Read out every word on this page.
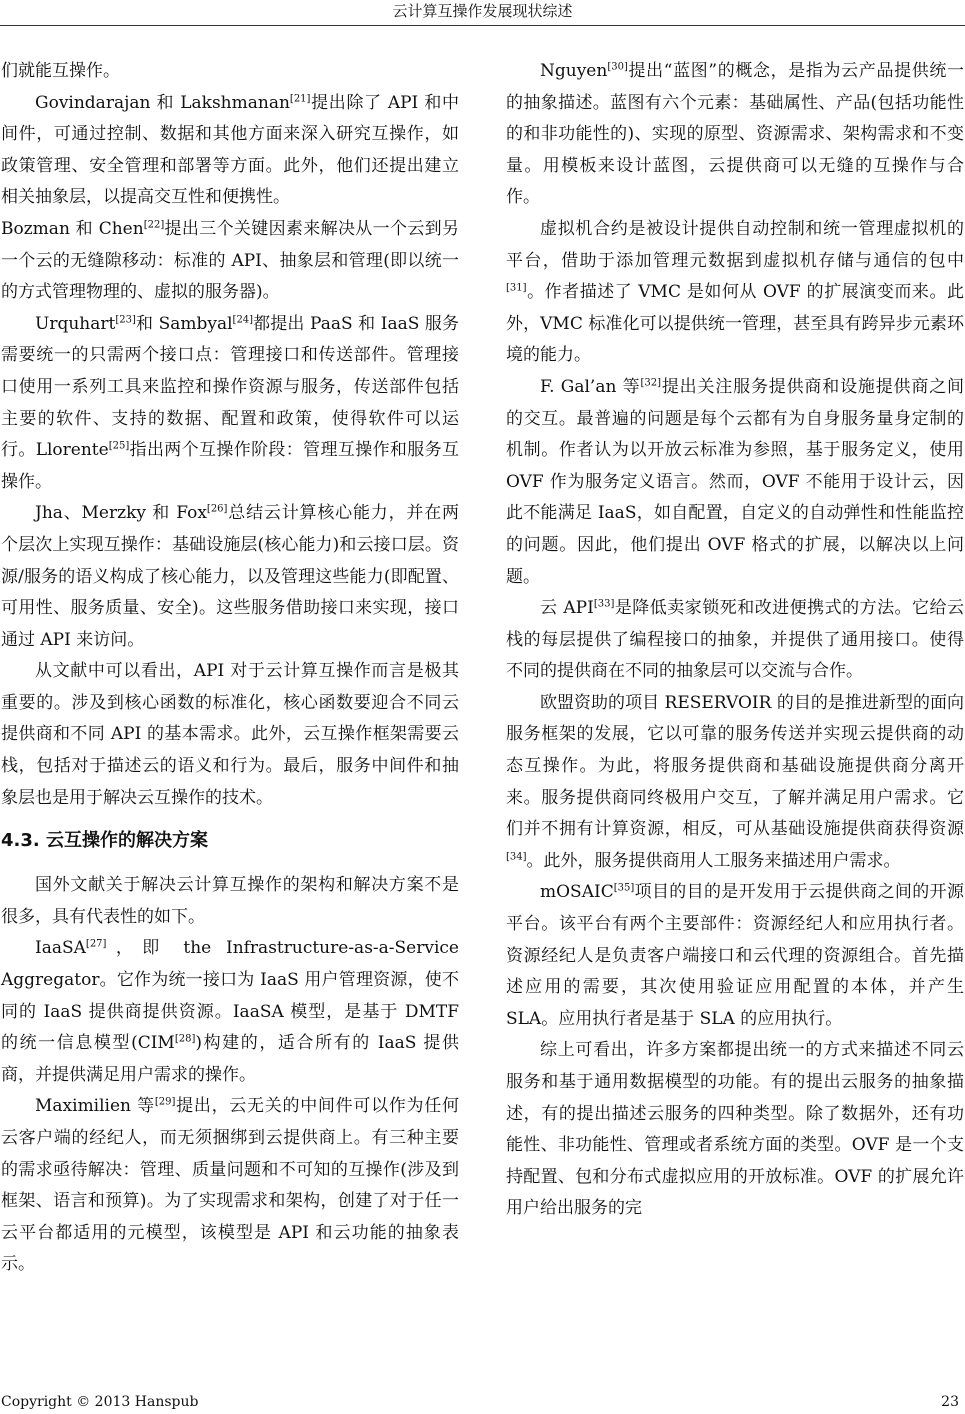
云计算互操作发展现状综述

们就能互操作。

Govindarajan 和 Lakshmanan[21]提出除了 API 和中间件，可通过控制、数据和其他方面来深入研究互操作，如政策管理、安全管理和部署等方面。此外，他们还提出建立相关抽象层，以提高交互性和便携性。

Bozman 和 Chen[22]提出三个关键因素来解决从一个云到另一个云的无缝隙移动：标准的 API、抽象层和管理(即以统一的方式管理物理的、虚拟的服务器)。

Urquhart[23]和 Sambyal[24]都提出 PaaS 和 IaaS 服务需要统一的只需两个接口点：管理接口和传送部件。管理接口使用一系列工具来监控和操作资源与服务，传送部件包括主要的软件、支持的数据、配置和政策，使得软件可以运行。Llorente[25]指出两个互操作阶段：管理互操作和服务互操作。

Jha、Merzky 和 Fox[26]总结云计算核心能力，并在两个层次上实现互操作：基础设施层(核心能力)和云接口层。资源/服务的语义构成了核心能力，以及管理这些能力(即配置、可用性、服务质量、安全)。这些服务借助接口来实现，接口通过 API 来访问。

从文献中可以看出，API 对于云计算互操作而言是极其重要的。涉及到核心函数的标准化，核心函数要迎合不同云提供商和不同 API 的基本需求。此外，云互操作框架需要云栈，包括对于描述云的语义和行为。最后，服务中间件和抽象层也是用于解决云互操作的技术。

4.3. 云互操作的解决方案

国外文献关于解决云计算互操作的架构和解决方案不是很多，具有代表性的如下。

IaaSA[27]，即 the Infrastructure-as-a-Service Aggregator。它作为统一接口为 IaaS 用户管理资源，使不同的 IaaS 提供商提供资源。IaaSA 模型，是基于 DMTF 的统一信息模型(CIM[28])构建的，适合所有的 IaaS 提供商，并提供满足用户需求的操作。

Maximilien 等[29]提出，云无关的中间件可以作为任何云客户端的经纪人，而无须捆绑到云提供商上。有三种主要的需求亟待解决：管理、质量问题和不可知的互操作(涉及到框架、语言和预算)。为了实现需求和架构，创建了对于任一云平台都适用的元模型，该模型是 API 和云功能的抽象表示。

Nguyen[30]提出“蓝图”的概念，是指为云产品提供统一的抽象描述。蓝图有六个元素：基础属性、产品(包括功能性的和非功能性的)、实现的原型、资源需求、架构需求和不变量。用模板来设计蓝图，云提供商可以无缝的互操作与合作。

虚拟机合约是被设计提供自动控制和统一管理虚拟机的平台，借助于添加管理元数据到虚拟机存储与通信的包中[31]。作者描述了 VMC 是如何从 OVF 的扩展演变而来。此外，VMC 标准化可以提供统一管理，甚至具有跨异步元素环境的能力。

F. Gal’an 等[32]提出关注服务提供商和设施提供商之间的交互。最普遍的问题是每个云都有为自身服务量身定制的机制。作者认为以开放云标准为参照，基于服务定义，使用 OVF 作为服务定义语言。然而，OVF 不能用于设计云，因此不能满足 IaaS，如自配置，自定义的自动弹性和性能监控的问题。因此，他们提出 OVF 格式的扩展，以解决以上问题。

云 API[33]是降低卖家锁死和改进便携式的方法。它给云栈的每层提供了编程接口的抽象，并提供了通用接口。使得不同的提供商在不同的抽象层可以交流与合作。

欧盟资助的项目 RESERVOIR 的目的是推进新型的面向服务框架的发展，它以可靠的服务传送并实现云提供商的动态互操作。为此，将服务提供商和基础设施提供商分离开来。服务提供商同终极用户交互，了解并满足用户需求。它们并不拥有计算资源，相反，可从基础设施提供商获得资源[34]。此外，服务提供商用人工服务来描述用户需求。

mOSAIC[35]项目的目的是开发用于云提供商之间的开源平台。该平台有两个主要部件：资源经纪人和应用执行者。资源经纪人是负责客户端接口和云代理的资源组合。首先描述应用的需要，其次使用验证应用配置的本体，并产生 SLA。应用执行者是基于 SLA 的应用执行。

综上可看出，许多方案都提出统一的方式来描述不同云服务和基于通用数据模型的功能。有的提出云服务的抽象描述，有的提出描述云服务的四种类型。除了数据外，还有功能性、非功能性、管理或者系统方面的类型。OVF 是一个支持配置、包和分布式虚拟应用的开放标准。OVF 的扩展允许用户给出服务的完

Copyright © 2013 Hanspub	23
